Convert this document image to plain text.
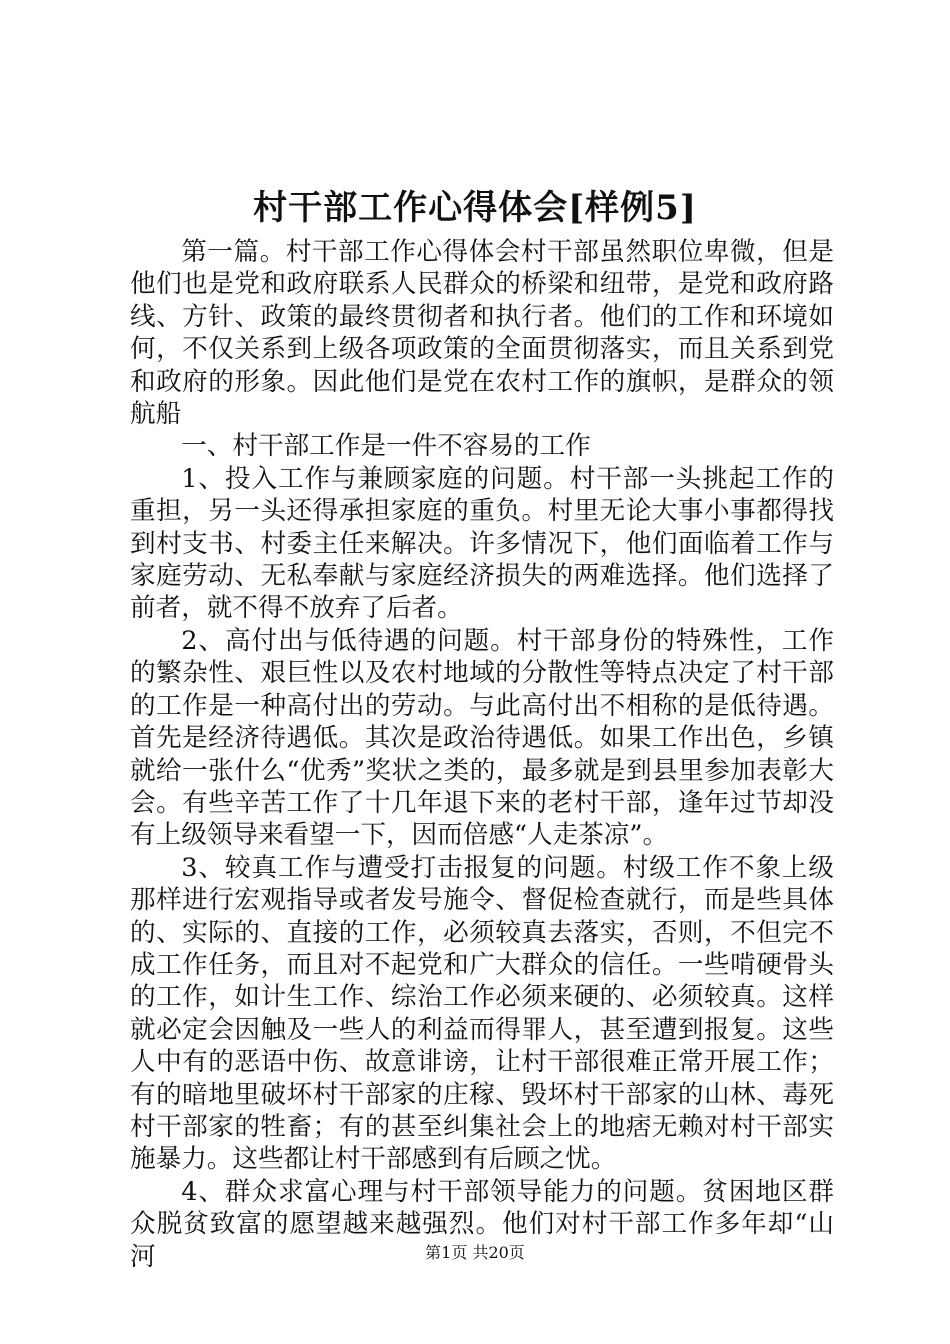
村干部工作心得体会[样例5]

第一篇。村干部工作心得体会村干部虽然职位卑微，但是他们也是党和政府联系人民群众的桥梁和纽带，是党和政府路线、方针、政策的最终贯彻者和执行者。他们的工作和环境如何，不仅关系到上级各项政策的全面贯彻落实，而且关系到党和政府的形象。因此他们是党在农村工作的旗帜，是群众的领航船

一、村干部工作是一件不容易的工作

1、投入工作与兼顾家庭的问题。村干部一头挑起工作的重担，另一头还得承担家庭的重负。村里无论大事小事都得找到村支书、村委主任来解决。许多情况下，他们面临着工作与家庭劳动、无私奉献与家庭经济损失的两难选择。他们选择了前者，就不得不放弃了后者。

2、高付出与低待遇的问题。村干部身份的特殊性，工作的繁杂性、艰巨性以及农村地域的分散性等特点决定了村干部的工作是一种高付出的劳动。与此高付出不相称的是低待遇。首先是经济待遇低。其次是政治待遇低。如果工作出色，乡镇就给一张什么“优秀”奖状之类的，最多就是到县里参加表彰大会。有些辛苦工作了十几年退下来的老村干部，逢年过节却没有上级领导来看望一下，因而倍感“人走茶凉”。

3、较真工作与遭受打击报复的问题。村级工作不象上级那样进行宏观指导或者发号施令、督促检查就行，而是些具体的、实际的、直接的工作，必须较真去落实，否则，不但完不成工作任务，而且对不起党和广大群众的信任。一些啃硬骨头的工作，如计生工作、综治工作必须来硬的、必须较真。这样就必定会因触及一些人的利益而得罪人，甚至遭到报复。这些人中有的恶语中伤、故意诽谤，让村干部很难正常开展工作；有的暗地里破坏村干部家的庄稼、毁坏村干部家的山林、毒死村干部家的牲畜；有的甚至纠集社会上的地痞无赖对村干部实施暴力。这些都让村干部感到有后顾之忧。

4、群众求富心理与村干部领导能力的问题。贫困地区群众脱贫致富的愿望越来越强烈。他们对村干部工作多年却“山河	第1页 共20页
